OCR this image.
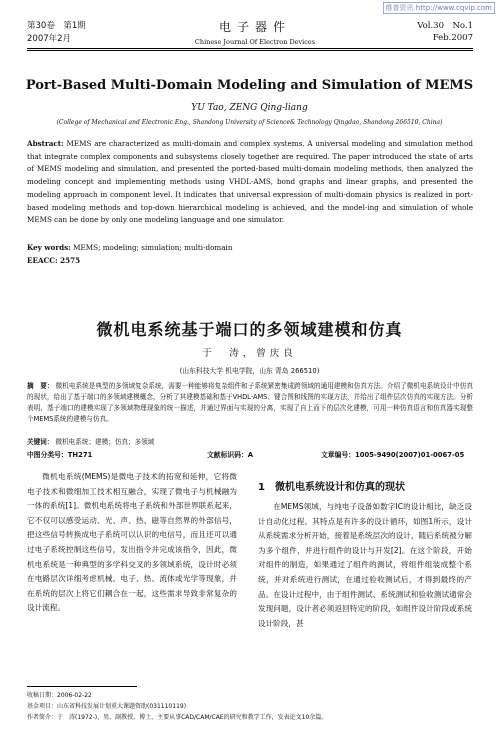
维普资讯 http://www.cqvip.com
第30卷　第1期
2007年2月
电子器件
Chinese Journal Of Electron Devices
Vol.30　No.1
Feb.2007
Port-Based Multi-Domain Modeling and Simulation of MEMS
YU Tao, ZENG Qing-liang
(College of Mechanical and Electronic Eng., Shandong University of Science& Technology Qingdao, Shandong 266510, China)
Abstract: MEMS are characterized as multi-domain and complex systems. A universal modeling and simulation method that integrate complex components and subsystems closely together are required. The paper introduced the state of arts of MEMS modeling and simulation, and presented the ported-based multi-domain modeling methods, then analyzed the modeling concept and implementing methods using VHDL-AMS, bond graphs and linear graphs, and presented the modeling approach in component level. It indicates that universal expression of multi-domain physics is realized in port-based modeling methods and top-down hierarchical modeling is achieved, and the model-ing and simulation of whole MEMS can be done by only one modeling language and one simulator.
Key words: MEMS; modeling; simulation; multi-domain
EEACC: 2575
微机电系统基于端口的多领域建模和仿真
于　涛，曾庆良
(山东科技大学 机电学院，山东 青岛 266510)
摘　要： 微机电系统是典型的多领域复杂系统，需要一种能够将复杂组件和子系统紧密集成跨领域的通用建模和仿真方法。介绍了微机电系统设计中仿真的现状，给出了基于端口的多领域建模概念，分析了其建模基础和基于VHDL-AMS、键合图和线图的实现方法，并给出了组件层次仿真的实现方法。分析表明，基于端口的建模实现了多领域物理现象的统一描述，并通过界面与实现的分离，实现了自上而下的层次化建模，可用一种仿真语言和仿真器实现整个MEMS系统的建模与仿真。
关键词： 微机电系统；建模；仿真；多领域
中图分类号：TH271	文献标识码：A	文章编号：1005-9490(2007)01-0067-05

微机电系统(MEMS)是微电子技术的拓宽和延伸，它将微电子技术和微细加工技术相互融合，实现了微电子与机械融为一体的系统[1]。微机电系统将电子系统和外部世界联系起来，它不仅可以感受运动、光、声、热、磁等自然界的外部信号，把这些信号转换成电子系统可以认识的电信号，而且还可以通过电子系统控制这些信号，发出指令并完成该指令，因此，微机电系统是一种典型的多学科交叉的多领域系统，设计时必须在电路层次详细考虑机械、电子、热、流体或光学等现象，并在系统的层次上将它们耦合在一起，这些需求导致非常复杂的设计流程。

1　微机电系统设计和仿真的现状

在MEMS领域，与纯电子设备如数字IC的设计相比，缺乏设计自动化过程。其特点是有许多的设计循环，如图1所示，设计从系统需求分析开始，接着是系统层次的设计，随后系统被分解为多个组件，并进行组件的设计与开发[2]。在这个阶段，开始对组件的制造，如果通过了组件的测试，将组件组装成整个系统，并对系统进行测试，在通过验收测试后，才得到最终的产品。在设计过程中，由于组件测试、系统测试和验收测试通常会发现问题，设计者必须返回特定的阶段，如组件设计阶段或系统设计阶段，甚

收稿日期：2006-02-22
基金项目：山东省科技发展计划重大课题资助(031110119)
作者简介：于　涛(1972-)，男，副教授，博士，主要从事CAD/CAM/CAE的研究和教学工作，发表论文10余篇。
